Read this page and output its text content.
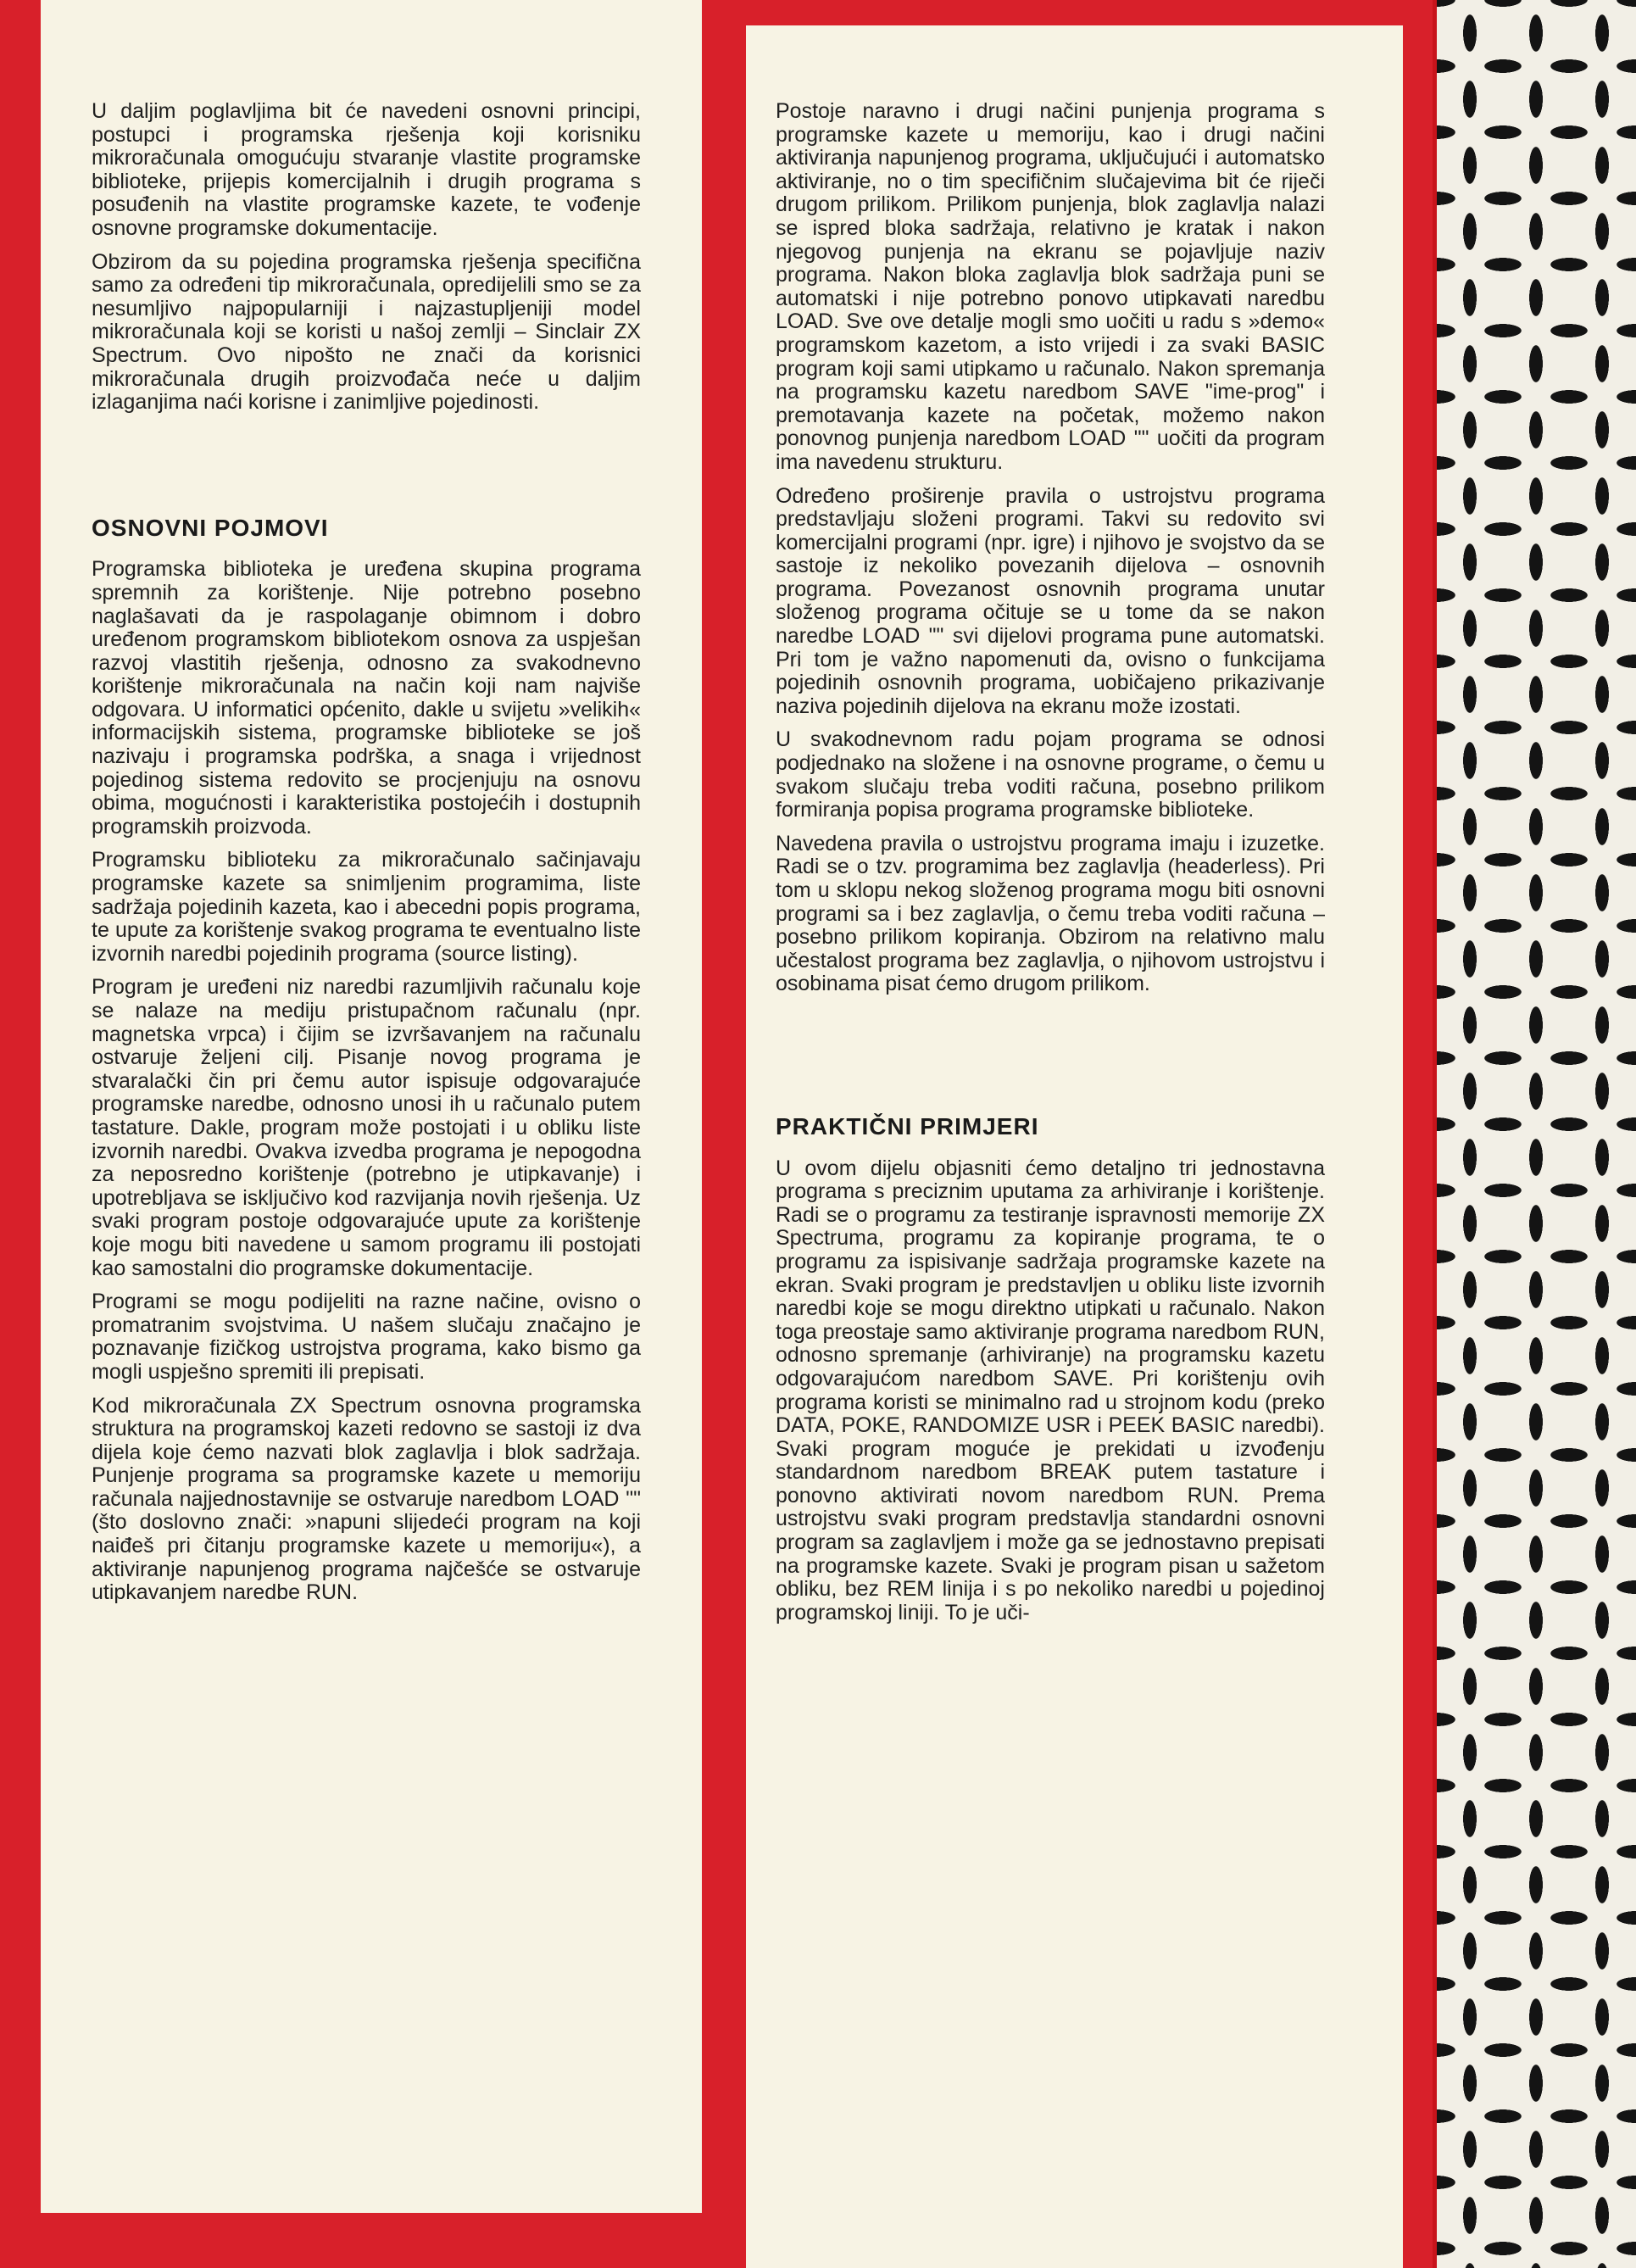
U daljim poglavljima bit će navedeni osnovni principi, postupci i programska rješenja koji korisniku mikroračunala omogućuju stvaranje vlastite programske biblioteke, prijepis komercijalnih i drugih programa s posuđenih na vlastite programske kazete, te vođenje osnovne programske dokumentacije.

Obzirom da su pojedina programska rješenja specifična samo za određeni tip mikroračunala, opredijelili smo se za nesumljivo najpopularniji i najzastupljeniji model mikroračunala koji se koristi u našoj zemlji – Sinclair ZX Spectrum. Ovo nipošto ne znači da korisnici mikroračunala drugih proizvođača neće u daljim izlaganjima naći korisne i zanimljive pojedinosti.

OSNOVNI POJMOVI

Programska biblioteka je uređena skupina programa spremnih za korištenje. Nije potrebno posebno naglašavati da je raspolaganje obimnom i dobro uređenom programskom bibliotekom osnova za uspješan razvoj vlastitih rješenja, odnosno za svakodnevno korištenje mikroračunala na način koji nam najviše odgovara. U informatici općenito, dakle u svijetu »velikih« informacijskih sistema, programske biblioteke se još nazivaju i programska podrška, a snaga i vrijednost pojedinog sistema redovito se procjenjuju na osnovu obima, mogućnosti i karakteristika postojećih i dostupnih programskih proizvoda.

Programsku biblioteku za mikroračunalo sačinjavaju programske kazete sa snimljenim programima, liste sadržaja pojedinih kazeta, kao i abecedni popis programa, te upute za korištenje svakog programa te eventualno liste izvornih naredbi pojedinih programa (source listing).

Program je uređeni niz naredbi razumljivih računalu koje se nalaze na mediju pristupačnom računalu (npr. magnetska vrpca) i čijim se izvršavanjem na računalu ostvaruje željeni cilj. Pisanje novog programa je stvaralački čin pri čemu autor ispisuje odgovarajuće programske naredbe, odnosno unosi ih u računalo putem tastature. Dakle, program može postojati i u obliku liste izvornih naredbi. Ovakva izvedba programa je nepogodna za neposredno korištenje (potrebno je utipkavanje) i upotrebljava se isključivo kod razvijanja novih rješenja. Uz svaki program postoje odgovarajuće upute za korištenje koje mogu biti navedene u samom programu ili postojati kao samostalni dio programske dokumentacije.

Programi se mogu podijeliti na razne načine, ovisno o promatranim svojstvima. U našem slučaju značajno je poznavanje fizičkog ustrojstva programa, kako bismo ga mogli uspješno spremiti ili prepisati.

Kod mikroračunala ZX Spectrum osnovna programska struktura na programskoj kazeti redovno se sastoji iz dva dijela koje ćemo nazvati blok zaglavlja i blok sadržaja. Punjenje programa sa programske kazete u memoriju računala najjednostavnije se ostvaruje naredbom LOAD "" (što doslovno znači: »napuni slijedeći program na koji naiđeš pri čitanju programske kazete u memoriju«), a aktiviranje napunjenog programa najčešće se ostvaruje utipkavanjem naredbe RUN.

Postoje naravno i drugi načini punjenja programa s programske kazete u memoriju, kao i drugi načini aktiviranja napunjenog programa, uključujući i automatsko aktiviranje, no o tim specifičnim slučajevima bit će riječi drugom prilikom. Prilikom punjenja, blok zaglavlja nalazi se ispred bloka sadržaja, relativno je kratak i nakon njegovog punjenja na ekranu se pojavljuje naziv programa. Nakon bloka zaglavlja blok sadržaja puni se automatski i nije potrebno ponovo utipkavati naredbu LOAD. Sve ove detalje mogli smo uočiti u radu s »demo« programskom kazetom, a isto vrijedi i za svaki BASIC program koji sami utipkamo u računalo. Nakon spremanja na programsku kazetu naredbom SAVE "ime-prog" i premotavanja kazete na početak, možemo nakon ponovnog punjenja naredbom LOAD "" uočiti da program ima navedenu strukturu.

Određeno proširenje pravila o ustrojstvu programa predstavljaju složeni programi. Takvi su redovito svi komercijalni programi (npr. igre) i njihovo je svojstvo da se sastoje iz nekoliko povezanih dijelova – osnovnih programa. Povezanost osnovnih programa unutar složenog programa očituje se u tome da se nakon naredbe LOAD "" svi dijelovi programa pune automatski. Pri tom je važno napomenuti da, ovisno o funkcijama pojedinih osnovnih programa, uobičajeno prikazivanje naziva pojedinih dijelova na ekranu može izostati.

U svakodnevnom radu pojam programa se odnosi podjednako na složene i na osnovne programe, o čemu u svakom slučaju treba voditi računa, posebno prilikom formiranja popisa programa programske biblioteke.

Navedena pravila o ustrojstvu programa imaju i izuzetke. Radi se o tzv. programima bez zaglavlja (headerless). Pri tom u sklopu nekog složenog programa mogu biti osnovni programi sa i bez zaglavlja, o čemu treba voditi računa – posebno prilikom kopiranja. Obzirom na relativno malu učestalost programa bez zaglavlja, o njihovom ustrojstvu i osobinama pisat ćemo drugom prilikom.

PRAKTIČNI PRIMJERI

U ovom dijelu objasniti ćemo detaljno tri jednostavna programa s preciznim uputama za arhiviranje i korištenje. Radi se o programu za testiranje ispravnosti memorije ZX Spectruma, programu za kopiranje programa, te o programu za ispisivanje sadržaja programske kazete na ekran. Svaki program je predstavljen u obliku liste izvornih naredbi koje se mogu direktno utipkati u računalo. Nakon toga preostaje samo aktiviranje programa naredbom RUN, odnosno spremanje (arhiviranje) na programsku kazetu odgovarajućom naredbom SAVE. Pri korištenju ovih programa koristi se minimalno rad u strojnom kodu (preko DATA, POKE, RANDOMIZE USR i PEEK BASIC naredbi). Svaki program moguće je prekidati u izvođenju standardnom naredbom BREAK putem tastature i ponovno aktivirati novom naredbom RUN. Prema ustrojstvu svaki program predstavlja standardni osnovni program sa zaglavljem i može ga se jednostavno prepisati na programske kazete. Svaki je program pisan u sažetom obliku, bez REM linija i s po nekoliko naredbi u pojedinoj programskoj liniji. To je uči-
